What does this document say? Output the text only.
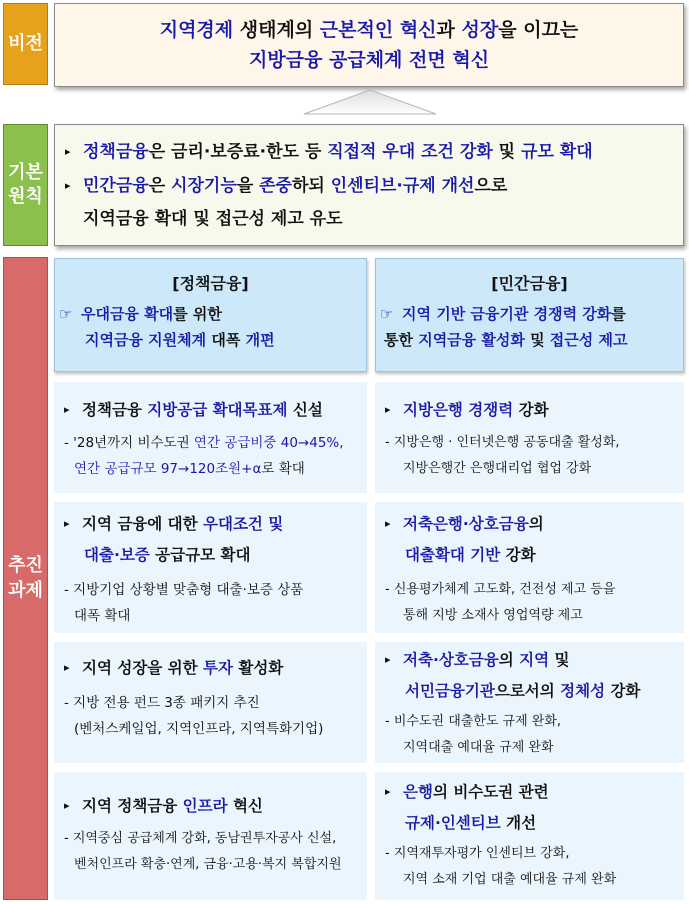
비전
기본
원칙
추진
과제
지역경제 생태계의 근본적인 혁신과 성장을 이끄는
지방금융 공급체계 전면 혁신
▸ 정책금융은 금리·보증료·한도 등 직접적 우대 조건 강화 및 규모 확대
▸ 민간금융은 시장기능을 존중하되 인센티브·규제 개선으로
지역금융 확대 및 접근성 제고 유도
[정책금융]
☞ 우대금융 확대를 위한
지역금융 지원체계 대폭 개편
[민간금융]
☞ 지역 기반 금융기관 경쟁력 강화를
통한 지역금융 활성화 및 접근성 제고
▸ 정책금융 지방공급 확대목표제 신설
- '28년까지 비수도권 연간 공급비중 40→45%,
연간 공급규모 97→120조원+α로 확대
▸ 지역 금융에 대한 우대조건 및
대출·보증 공급규모 확대
- 지방기업 상황별 맞춤형 대출·보증 상품
대폭 확대
▸ 지역 성장을 위한 투자 활성화
- 지방 전용 펀드 3종 패키지 추진
(벤처스케일업, 지역인프라, 지역특화기업)
▸ 지역 정책금융 인프라 혁신
- 지역중심 공급체계 강화, 동남권투자공사 신설,
벤처인프라 확충·연계, 금융·고용·복지 복합지원
▸ 지방은행 경쟁력 강화
- 지방은행 · 인터넷은행 공동대출 활성화,
지방은행간 은행대리업 협업 강화
▸ 저축은행·상호금융의
대출확대 기반 강화
- 신용평가체계 고도화, 건전성 제고 등을
통해 지방 소재사 영업역량 제고
▸ 저축·상호금융의 지역 및
서민금융기관으로서의 정체성 강화
- 비수도권 대출한도 규제 완화,
지역대출 예대율 규제 완화
▸ 은행의 비수도권 관련
규제·인센티브 개선
- 지역재투자평가 인센티브 강화,
지역 소재 기업 대출 예대율 규제 완화
